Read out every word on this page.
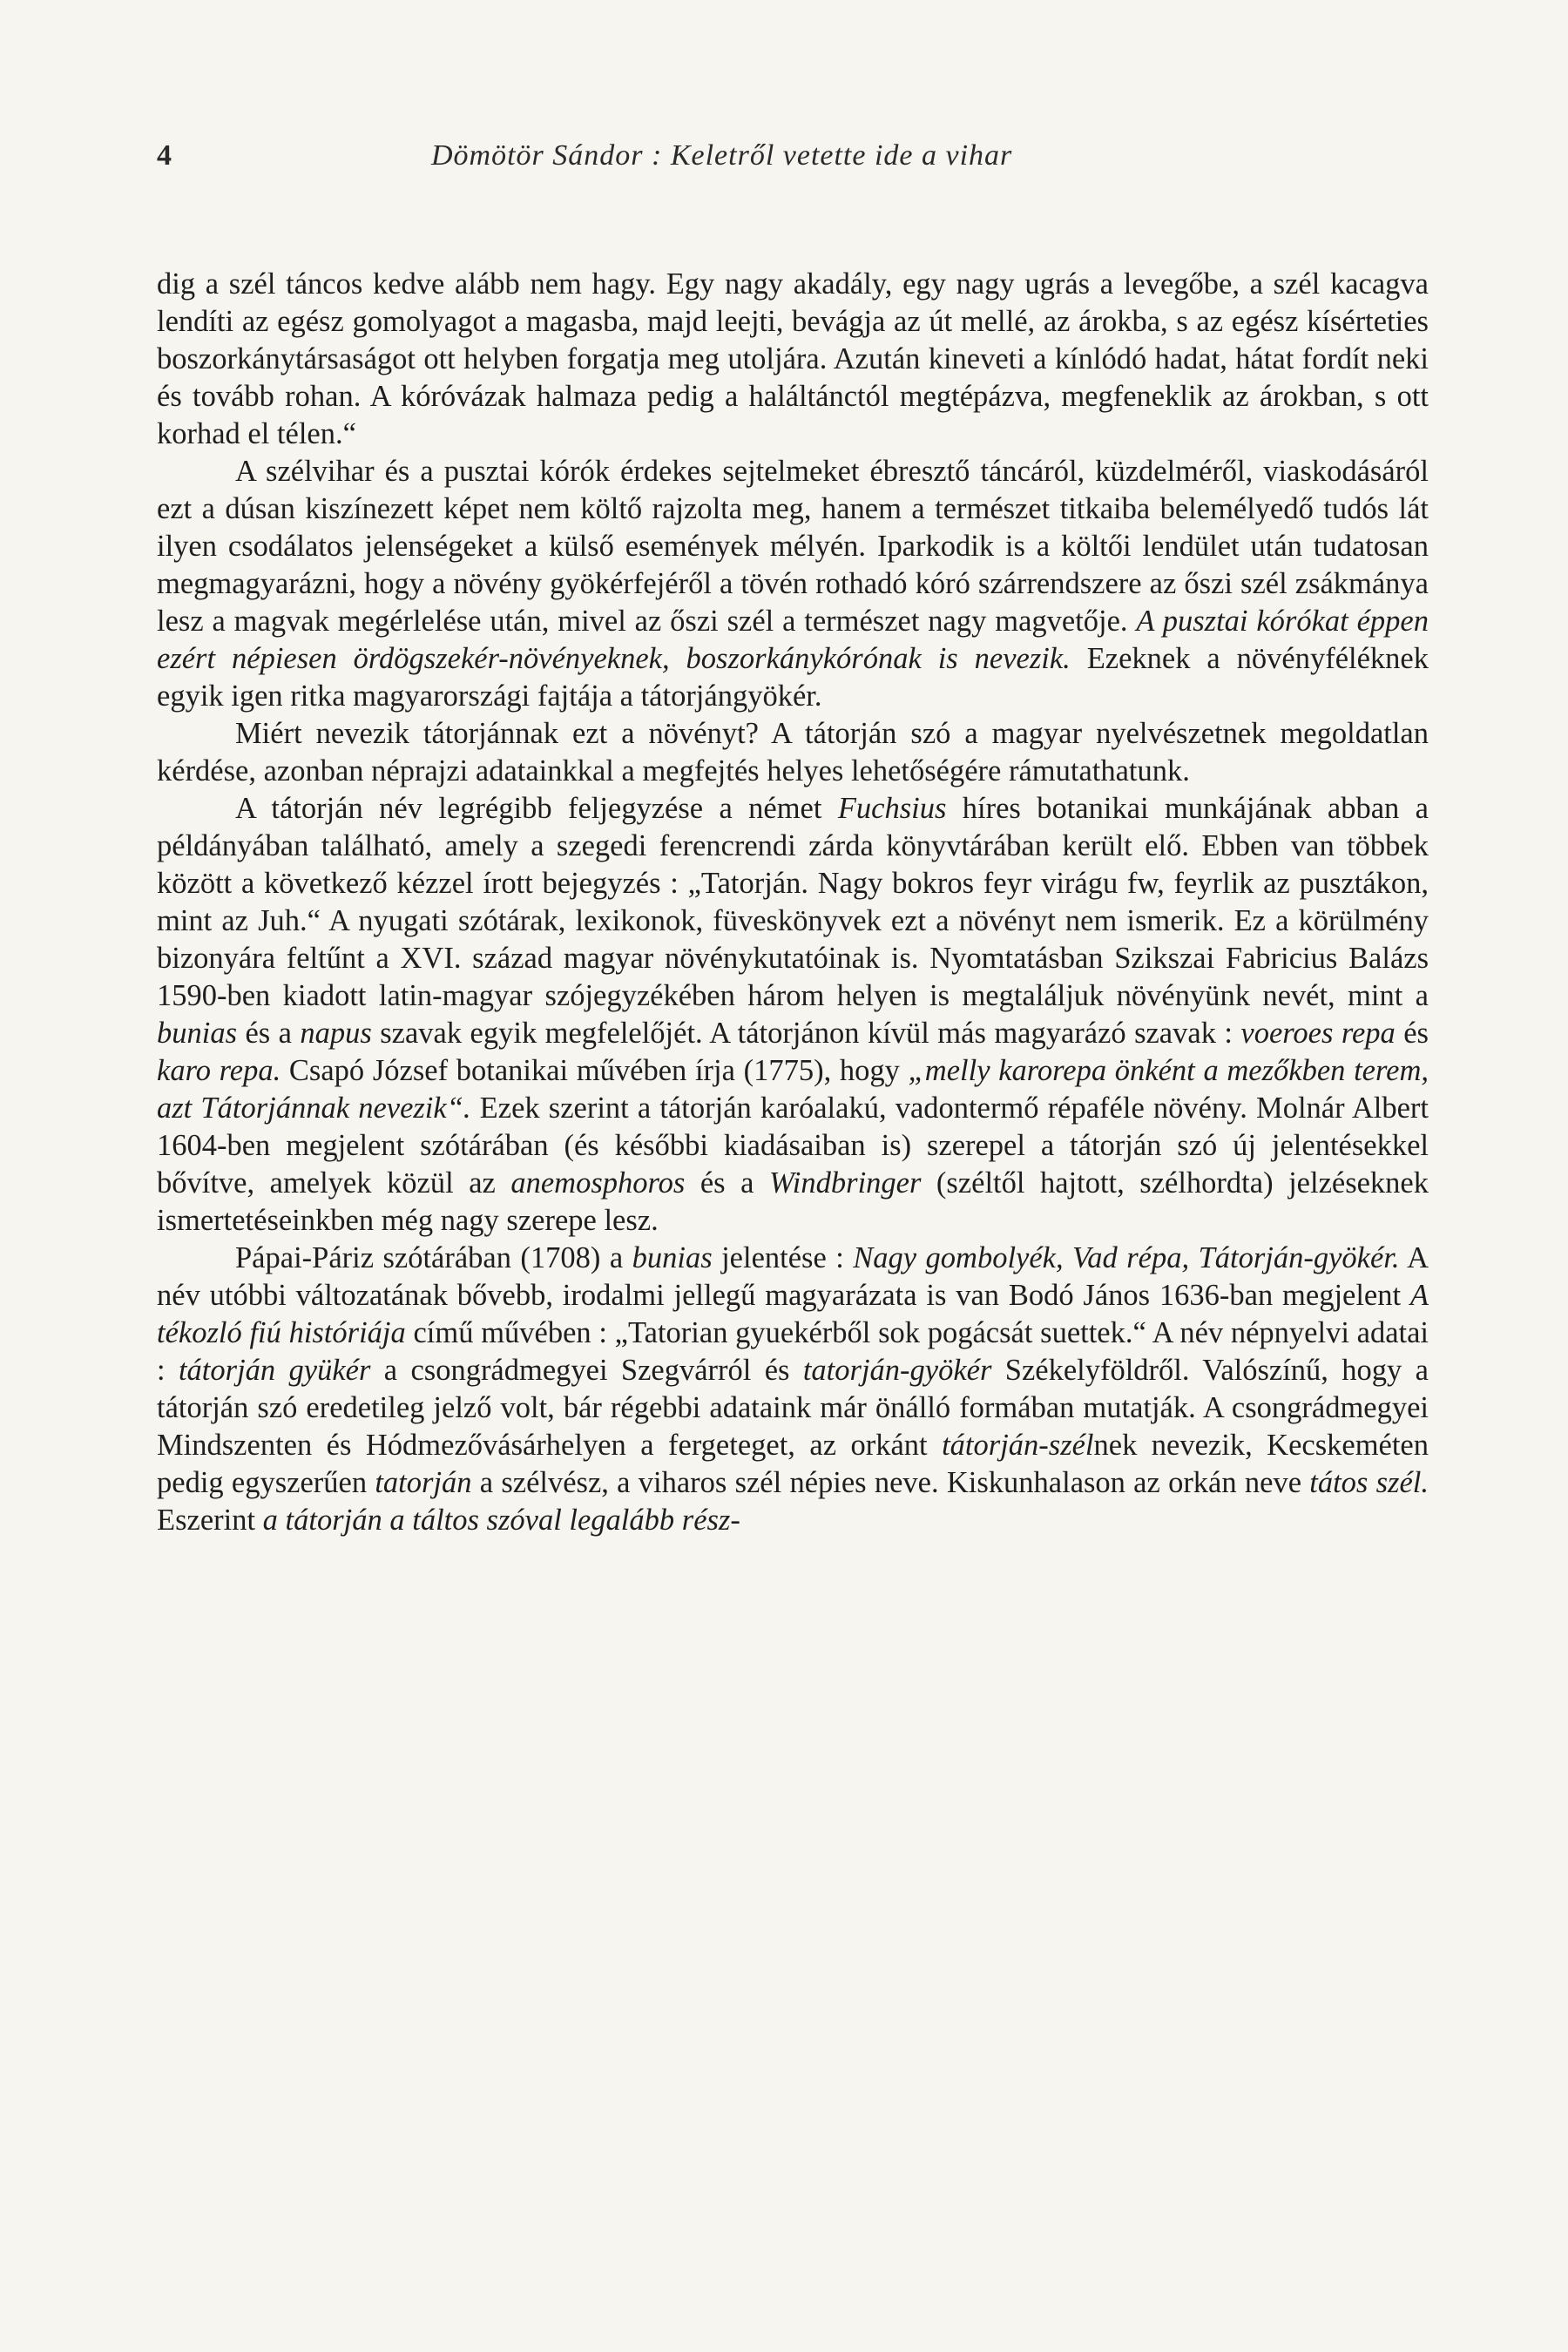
4	Dömötör Sándor : Keletről vetette ide a vihar

dig a szél táncos kedve alább nem hagy. Egy nagy akadály, egy nagy ugrás a levegőbe, a szél kacagva lendíti az egész gomolyagot a magasba, majd leejti, bevágja az út mellé, az árokba, s az egész kísérteties boszorkánytársaságot ott helyben forgatja meg utoljára. Azután kineveti a kínlódó hadat, hátat fordít neki és tovább rohan. A kóróvázak halmaza pedig a haláltánctól megtépázva, megfeneklik az árokban, s ott korhad el télen.“

A szélvihar és a pusztai kórók érdekes sejtelmeket ébresztő táncáról, küzdelméről, viaskodásáról ezt a dúsan kiszínezett képet nem költő rajzolta meg, hanem a természet titkaiba belemélyedő tudós lát ilyen csodálatos jelenségeket a külső események mélyén. Iparkodik is a költői lendület után tudatosan megmagyarázni, hogy a növény gyökérfejéről a tövén rothadó kóró szárrendszere az őszi szél zsákmánya lesz a magvak megérlelése után, mivel az őszi szél a természet nagy magvetője. A pusztai kórókat éppen ezért népiesen ördögszekér-növényeknek, boszorkánykórónak is nevezik. Ezeknek a növényféléknek egyik igen ritka magyarországi fajtája a tátorjángyökér.

Miért nevezik tátorjánnak ezt a növényt? A tátorján szó a magyar nyelvészetnek megoldatlan kérdése, azonban néprajzi adatainkkal a megfejtés helyes lehetőségére rámutathatunk.

A tátorján név legrégibb feljegyzése a német Fuchsius híres botanikai munkájának abban a példányában található, amely a szegedi ferencrendi zárda könyvtárában került elő. Ebben van többek között a következő kézzel írott bejegyzés : „Tatorján. Nagy bokros feyr virágu fw, feyrlik az pusztákon, mint az Juh.“ A nyugati szótárak, lexikonok, füveskönyvek ezt a növényt nem ismerik. Ez a körülmény bizonyára feltűnt a XVI. század magyar növénykutatóinak is. Nyomtatásban Szikszai Fabricius Balázs 1590-ben kiadott latin-magyar szójegyzékében három helyen is megtaláljuk növényünk nevét, mint a bunias és a napus szavak egyik megfelelőjét. A tátorjánon kívül más magyarázó szavak : voeroes repa és karo repa. Csapó József botanikai művében írja (1775), hogy „melly karorepa önként a mezőkben terem, azt Tátorjánnak nevezik“. Ezek szerint a tátorján karóalakú, vadontermő répaféle növény. Molnár Albert 1604-ben megjelent szótárában (és későbbi kiadásaiban is) szerepel a tátorján szó új jelentésekkel bővítve, amelyek közül az anemosphoros és a Windbringer (széltől hajtott, szélhordta) jelzéseknek ismertetéseinkben még nagy szerepe lesz.

Pápai-Páriz szótárában (1708) a bunias jelentése : Nagy gombolyék, Vad répa, Tátorján-gyökér. A név utóbbi változatának bővebb, irodalmi jellegű magyarázata is van Bodó János 1636-ban megjelent A tékozló fiú históriája című művében : „Tatorian gyuekérből sok pogácsát suettek.“ A név népnyelvi adatai : tátorján gyükér a csongrádmegyei Szegvárról és tatorján-gyökér Székelyföldről. Valószínű, hogy a tátorján szó eredetileg jelző volt, bár régebbi adataink már önálló formában mutatják. A csongrádmegyei Mindszenten és Hódmezővásárhelyen a fergeteget, az orkánt tátorján-szélnek nevezik, Kecskeméten pedig egyszerűen tatorján a szélvész, a viharos szél népies neve. Kiskunhalason az orkán neve tátos szél. Eszerint a tátorján a táltos szóval legalább rész-
